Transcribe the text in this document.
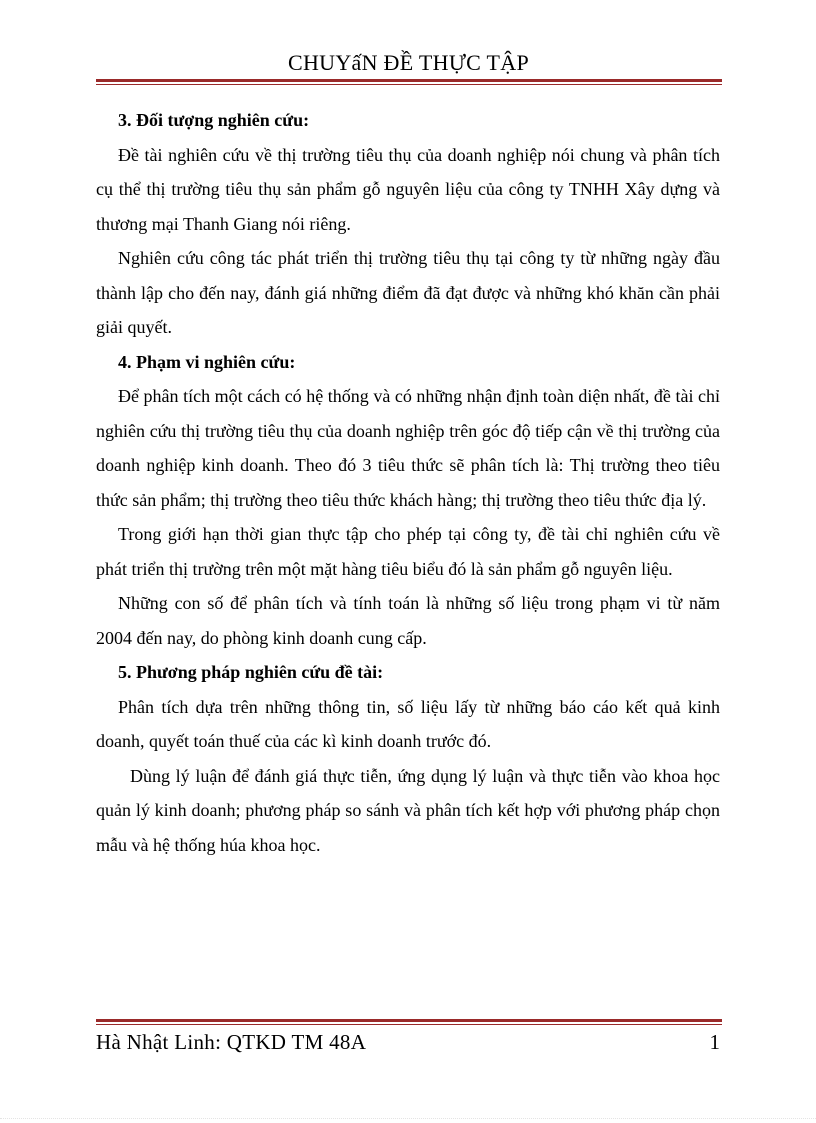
CHUYấN ĐỀ THỰC TẬP

3. Đối tượng nghiên cứu:

Đề tài nghiên cứu về thị trường tiêu thụ của doanh nghiệp nói chung và phân tích cụ thể thị trường tiêu thụ sản phẩm gỗ nguyên liệu của công ty TNHH Xây dựng và thương mại Thanh Giang nói riêng.

Nghiên cứu công tác phát triển thị trường tiêu thụ tại công ty từ những ngày đầu thành lập cho đến nay, đánh giá những điểm đã đạt được và những khó khăn cần phải giải quyết.

4. Phạm vi nghiên cứu:

Để phân tích một cách có hệ thống và có những nhận định toàn diện nhất, đề tài chỉ nghiên cứu thị trường tiêu thụ của doanh nghiệp trên góc độ tiếp cận về thị trường của doanh nghiệp kinh doanh. Theo đó 3 tiêu thức sẽ phân tích là: Thị trường theo tiêu thức sản phẩm; thị trường theo tiêu thức khách hàng; thị trường theo tiêu thức địa lý.

Trong giới hạn thời gian thực tập cho phép tại công ty, đề tài chỉ nghiên cứu về phát triển thị trường trên một mặt hàng tiêu biểu đó là sản phẩm gỗ nguyên liệu.

Những con số để phân tích và tính toán là những số liệu trong phạm vi từ năm 2004 đến nay, do phòng kinh doanh cung cấp.

5. Phương pháp nghiên cứu đề tài:

Phân tích dựa trên những thông tin, số liệu lấy từ những báo cáo kết quả kinh doanh, quyết toán thuế của các kì kinh doanh trước đó.

Dùng lý luận để đánh giá thực tiễn, ứng dụng lý luận và thực tiễn vào khoa học quản lý kinh doanh; phương pháp so sánh và phân tích kết hợp với phương pháp chọn mẫu và hệ thống húa khoa học.

Hà Nhật Linh: QTKD TM 48A	1
